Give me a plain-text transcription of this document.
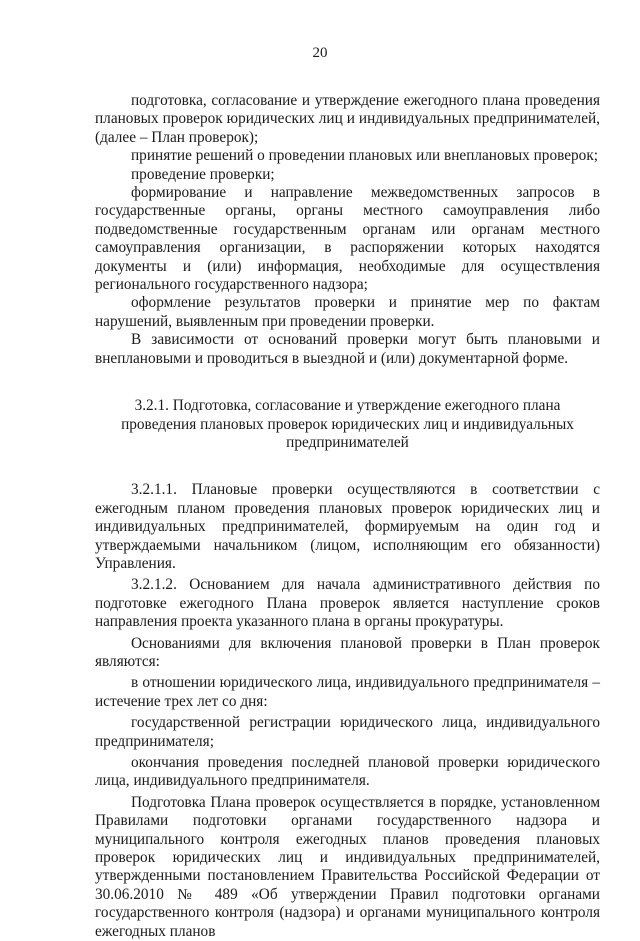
20

подготовка, согласование и утверждение ежегодного плана проведения плановых проверок юридических лиц и индивидуальных предпринимателей, (далее – План проверок);

принятие решений о проведении плановых или внеплановых проверок;

проведение проверки;

формирование и направление межведомственных запросов в государственные органы, органы местного самоуправления либо подведомственные государственным органам или органам местного самоуправления организации, в распоряжении которых находятся документы и (или) информация, необходимые для осуществления регионального государственного надзора;

оформление результатов проверки и принятие мер по фактам нарушений, выявленным при проведении проверки.

В зависимости от оснований проверки могут быть плановыми и внеплановыми и проводиться в выездной и (или) документарной форме.

3.2.1. Подготовка, согласование и утверждение ежегодного плана проведения плановых проверок юридических лиц и индивидуальных предпринимателей

3.2.1.1. Плановые проверки осуществляются в соответствии с ежегодным планом проведения плановых проверок юридических лиц и индивидуальных предпринимателей, формируемым на один год и утверждаемыми начальником (лицом, исполняющим его обязанности) Управления.

3.2.1.2. Основанием для начала административного действия по подготовке ежегодного Плана проверок является наступление сроков направления проекта указанного плана в органы прокуратуры.

Основаниями для включения плановой проверки в План проверок являются:

в отношении юридического лица, индивидуального предпринимателя – истечение трех лет со дня:

государственной регистрации юридического лица, индивидуального предпринимателя;

окончания проведения последней плановой проверки юридического лица, индивидуального предпринимателя.

Подготовка Плана проверок осуществляется в порядке, установленном Правилами подготовки органами государственного надзора и муниципального контроля ежегодных планов проведения плановых проверок юридических лиц и индивидуальных предпринимателей, утвержденными постановлением Правительства Российской Федерации от 30.06.2010 № 489 «Об утверждении Правил подготовки органами государственного контроля (надзора) и органами муниципального контроля ежегодных планов
